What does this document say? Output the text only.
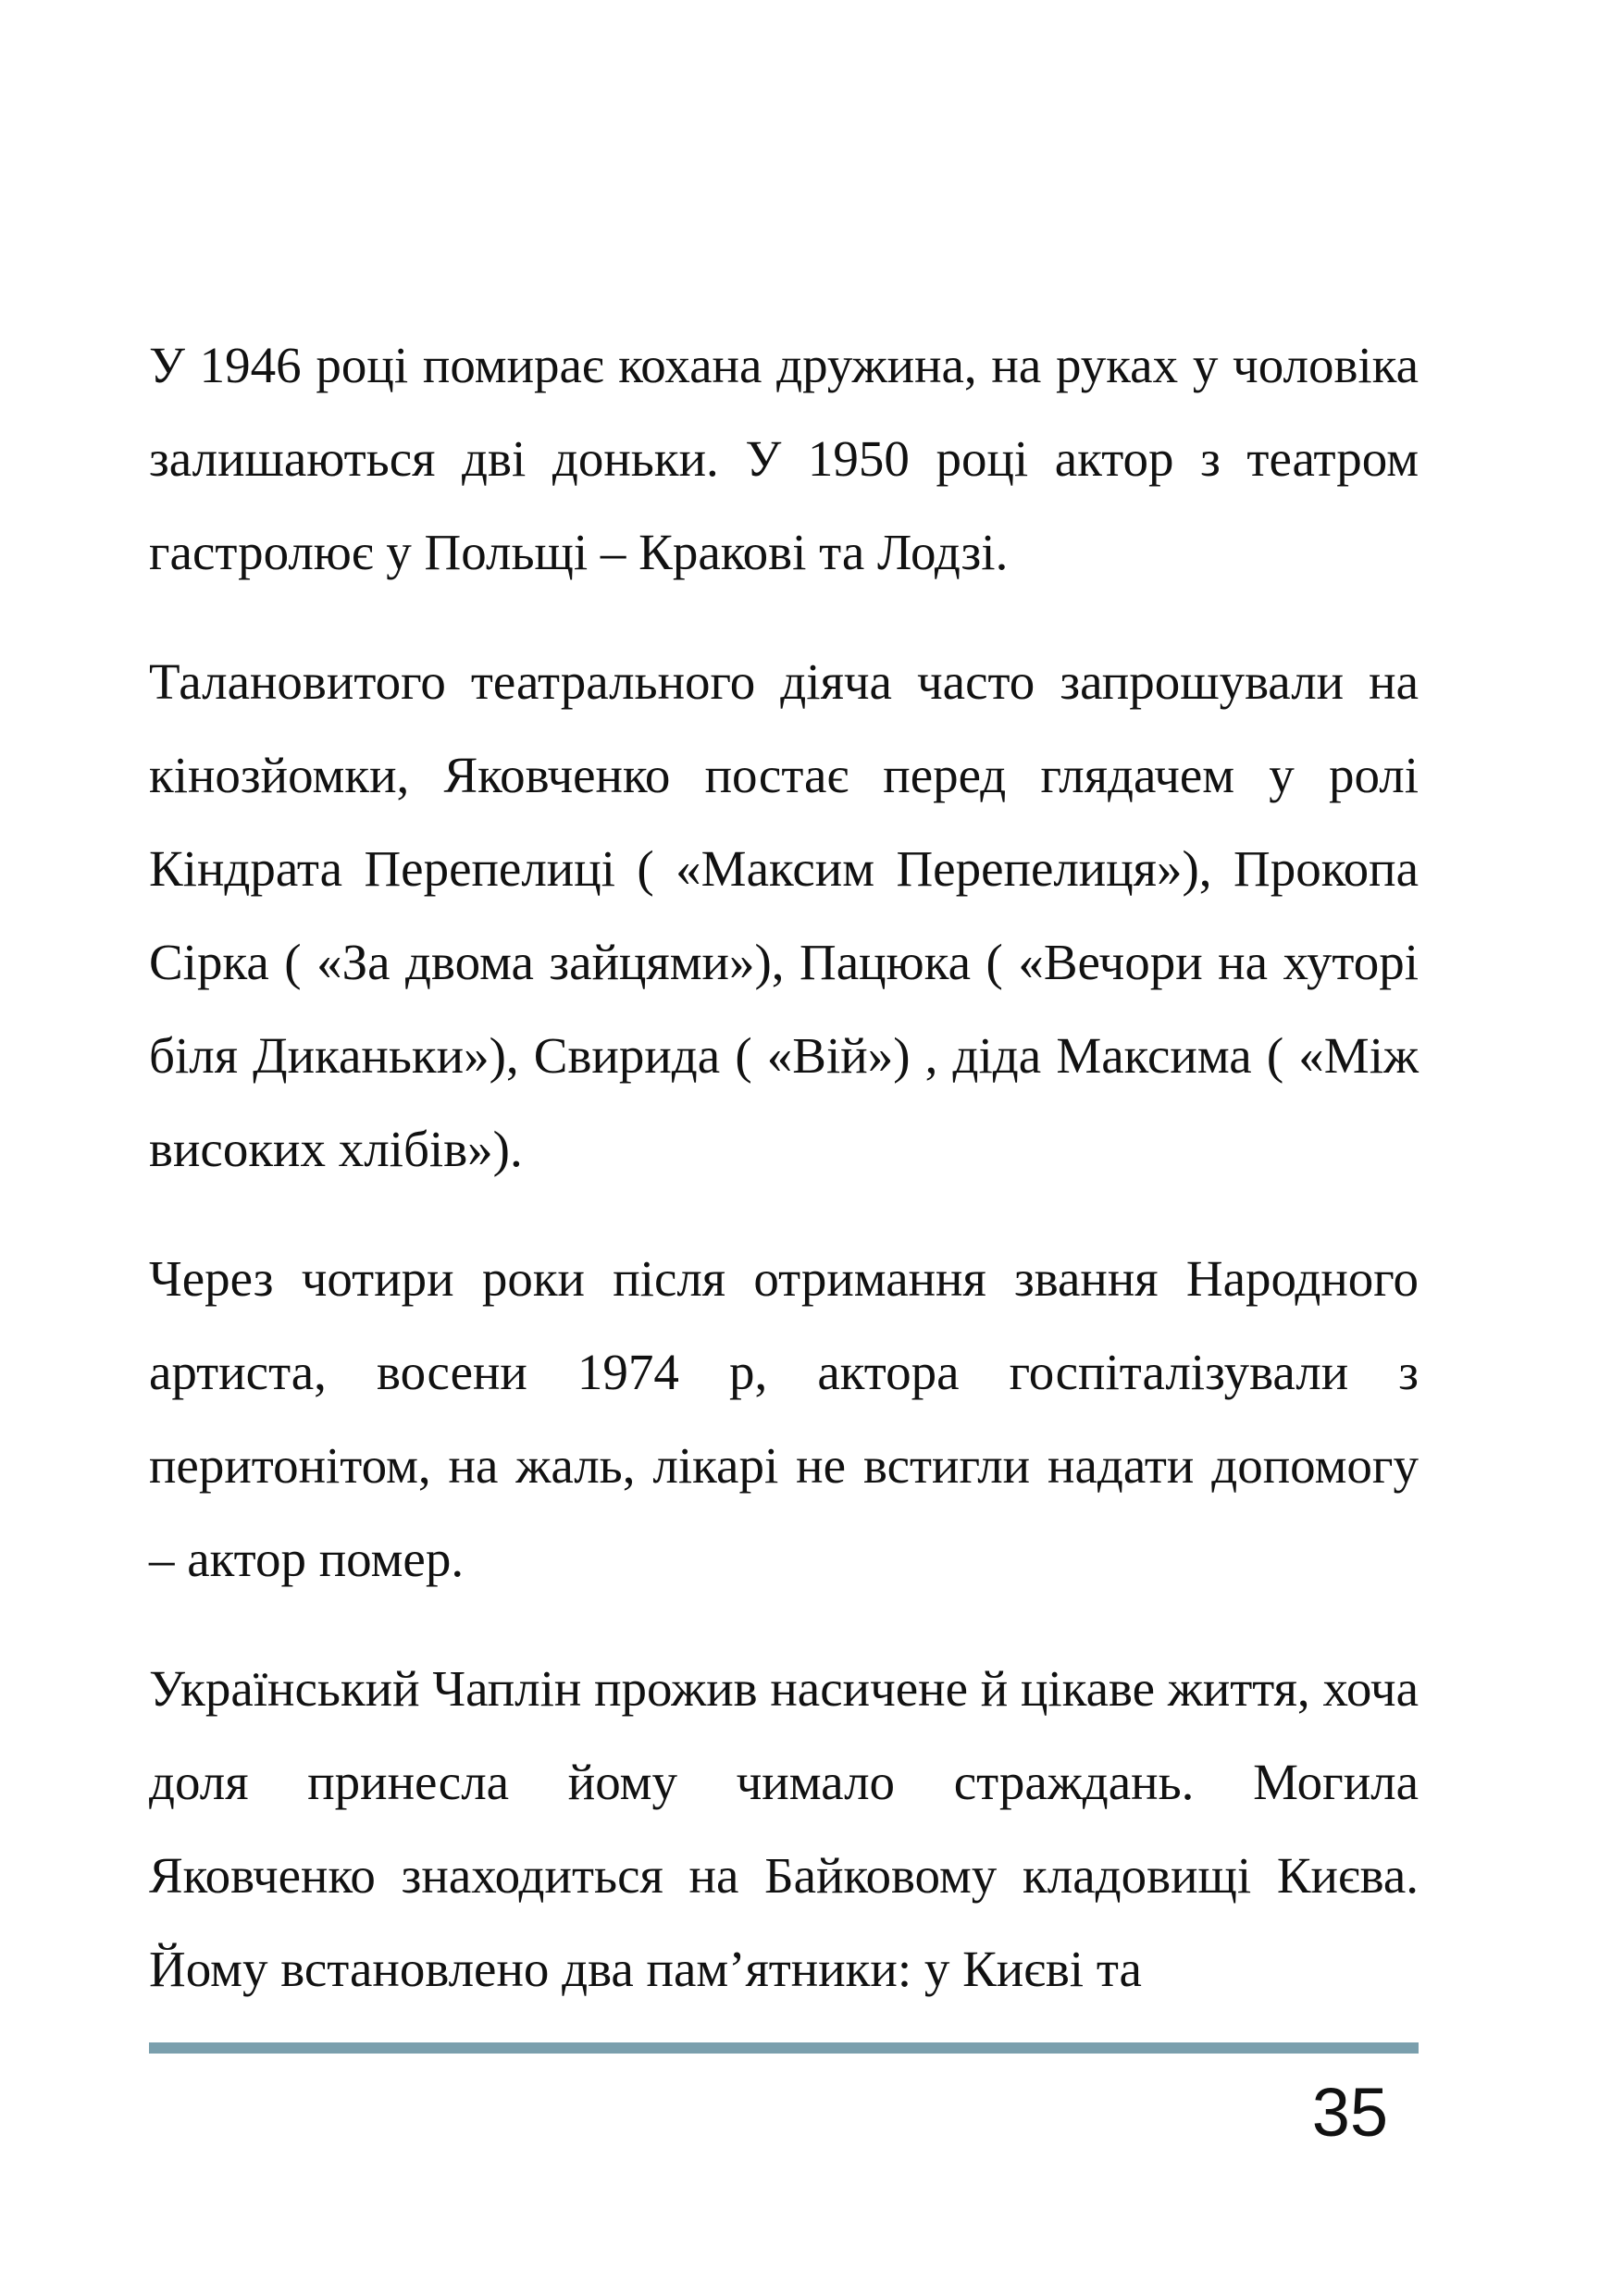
У 1946 році помирає кохана дружина, на руках у чоловіка залишаються дві доньки. У 1950 році актор з театром гастролює у Польщі – Кракові та Лодзі.

Талановитого театрального діяча часто запрошували на кінозйомки, Яковченко постає перед глядачем у ролі Кіндрата Перепелиці ( «Максим Перепелиця»), Прокопа Сірка ( «За двома зайцями»), Пацюка ( «Вечори на хуторі біля Диканьки»), Свирида ( «Вій») , діда Максима ( «Між високих хлібів»).

Через чотири роки після отримання звання Народного артиста, восени 1974 р, актора госпіталізували з перитонітом, на жаль, лікарі не встигли надати допомогу – актор помер.

Український Чаплін прожив насичене й цікаве життя, хоча доля принесла йому чимало страждань. Могила Яковченко знаходиться на Байковому кладовищі Києва. Йому встановлено два пам’ятники: у Києві та

35
